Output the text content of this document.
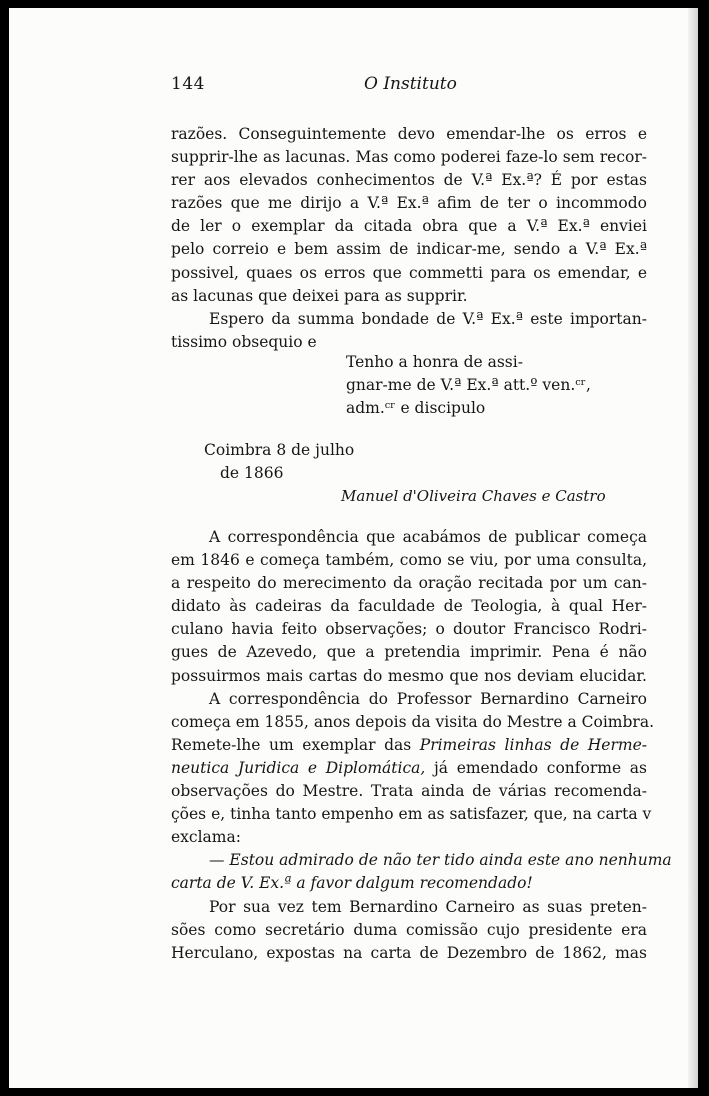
144	O Instituto
razões. Conseguintemente devo emendar-lhe os erros e
supprir-lhe as lacunas. Mas como poderei faze-lo sem recor-
rer aos elevados conhecimentos de V.ª Ex.ª? É por estas
razões que me dirijo a V.ª Ex.ª afim de ter o incommodo
de ler o exemplar da citada obra que a V.ª Ex.ª enviei
pelo correio e bem assim de indicar-me, sendo a V.ª Ex.ª
possivel, quaes os erros que commetti para os emendar, e
as lacunas que deixei para as supprir.
Espero da summa bondade de V.ª Ex.ª este importan-
tissimo obsequio e
Tenho a honra de assi-
gnar-me de V.ª Ex.ª att.º ven.ᶜʳ,
adm.ᶜʳ e discipulo
Coimbra 8 de julho
de 1866
Manuel d'Oliveira Chaves e Castro
A correspondência que acabámos de publicar começa
em 1846 e começa também, como se viu, por uma consulta,
a respeito do merecimento da oração recitada por um can-
didato às cadeiras da faculdade de Teologia, à qual Her-
culano havia feito observações; o doutor Francisco Rodri-
gues de Azevedo, que a pretendia imprimir. Pena é não
possuirmos mais cartas do mesmo que nos deviam elucidar.
A correspondência do Professor Bernardino Carneiro
começa em 1855, anos depois da visita do Mestre a Coimbra.
Remete-lhe um exemplar das Primeiras linhas de Herme-
neutica Juridica e Diplomática, já emendado conforme as
observações do Mestre. Trata ainda de várias recomenda-
ções e, tinha tanto empenho em as satisfazer, que, na carta v
exclama:
— Estou admirado de não ter tido ainda este ano nenhuma
carta de V. Ex.ª a favor dalgum recomendado!
Por sua vez tem Bernardino Carneiro as suas preten-
sões como secretário duma comissão cujo presidente era
Herculano, expostas na carta de Dezembro de 1862, mas
